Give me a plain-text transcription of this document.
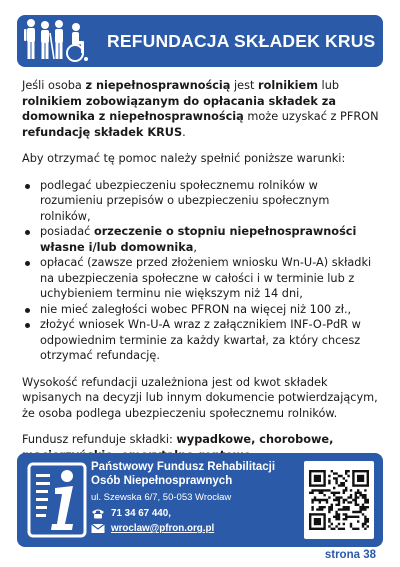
REFUNDACJA SKŁADEK KRUS

Jeśli osoba z niepełnosprawnością jest rolnikiem lub rolnikiem zobowiązanym do opłacania składek za domownika z niepełnosprawnością może uzyskać z PFRON refundację składek KRUS.

Aby otrzymać tę pomoc należy spełnić poniższe warunki:

podlegać ubezpieczeniu społecznemu rolników w rozumieniu przepisów o ubezpieczeniu społecznym rolników,
posiadać orzeczenie o stopniu niepełnosprawności własne i/lub domownika,
opłacać (zawsze przed złożeniem wniosku Wn-U-A) składki na ubezpieczenia społeczne w całości i w terminie lub z uchybieniem terminu nie większym niż 14 dni,
nie mieć zaległości wobec PFRON na więcej niż 100 zł.,
złożyć wniosek Wn-U-A wraz z załącznikiem INF-O-PdR w odpowiednim terminie za każdy kwartał, za który chcesz otrzymać refundację.

Wysokość refundacji uzależniona jest od kwot składek wpisanych na decyzji lub innym dokumencie potwierdzającym, że osoba podlega ubezpieczeniu społecznemu rolników.

Fundusz refunduje składki: wypadkowe, chorobowe,

Państwowy Fundusz Rehabilitacji
Osób Niepełnosprawnych
ul. Szewska 6/7, 50-053 Wrocław
71 34 67 440,
wroclaw@pfron.org.pl
strona 38
